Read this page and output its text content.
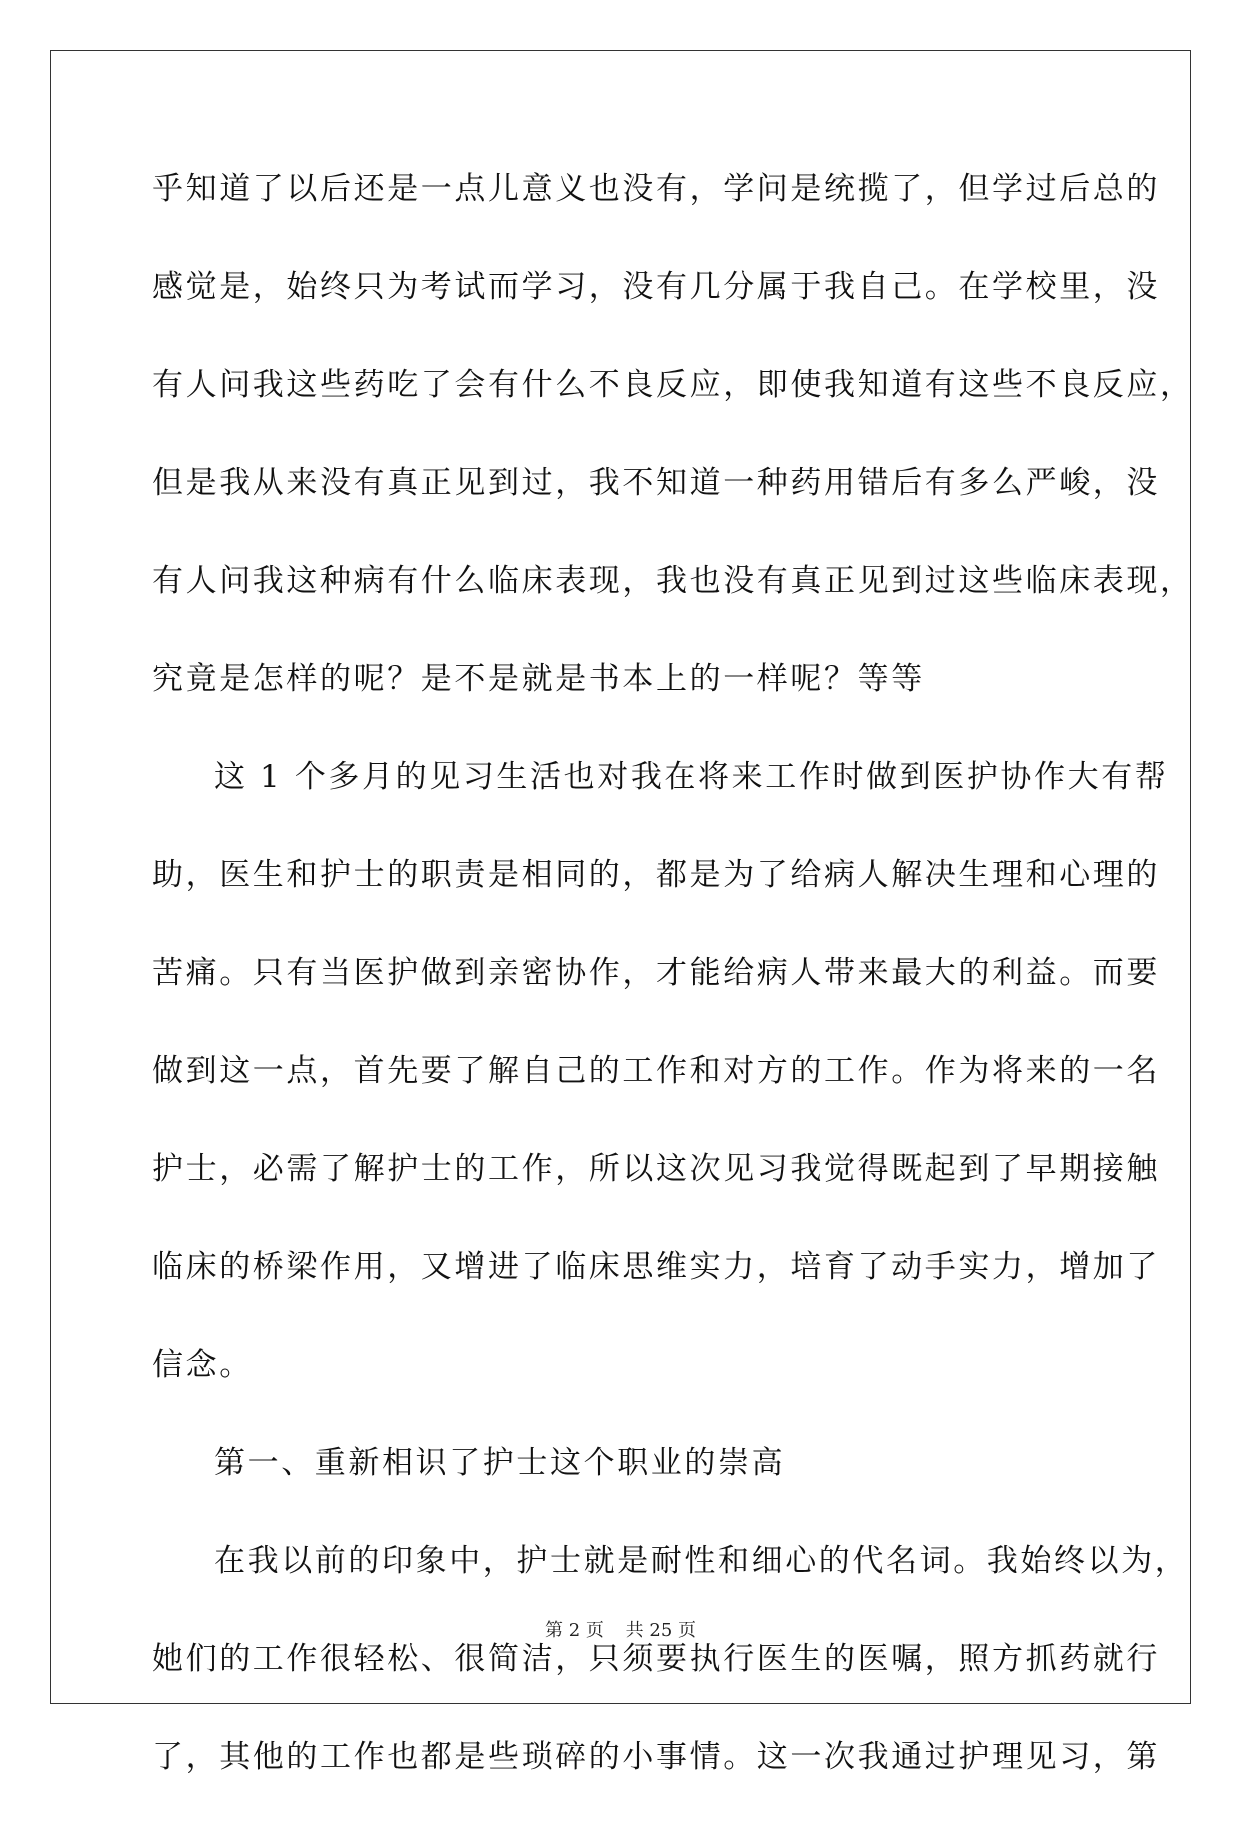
乎知道了以后还是一点儿意义也没有，学问是统揽了，但学过后总的
感觉是，始终只为考试而学习，没有几分属于我自己。在学校里，没
有人问我这些药吃了会有什么不良反应，即使我知道有这些不良反应，
但是我从来没有真正见到过，我不知道一种药用错后有多么严峻，没
有人问我这种病有什么临床表现，我也没有真正见到过这些临床表现，
究竟是怎样的呢？是不是就是书本上的一样呢？等等
这 1 个多月的见习生活也对我在将来工作时做到医护协作大有帮
助，医生和护士的职责是相同的，都是为了给病人解决生理和心理的
苦痛。只有当医护做到亲密协作，才能给病人带来最大的利益。而要
做到这一点，首先要了解自己的工作和对方的工作。作为将来的一名
护士，必需了解护士的工作，所以这次见习我觉得既起到了早期接触
临床的桥梁作用，又增进了临床思维实力，培育了动手实力，增加了
信念。
第一、重新相识了护士这个职业的崇高
在我以前的印象中，护士就是耐性和细心的代名词。我始终以为，
她们的工作很轻松、很简洁，只须要执行医生的医嘱，照方抓药就行
了，其他的工作也都是些琐碎的小事情。这一次我通过护理见习，第
第 2 页 共 25 页
